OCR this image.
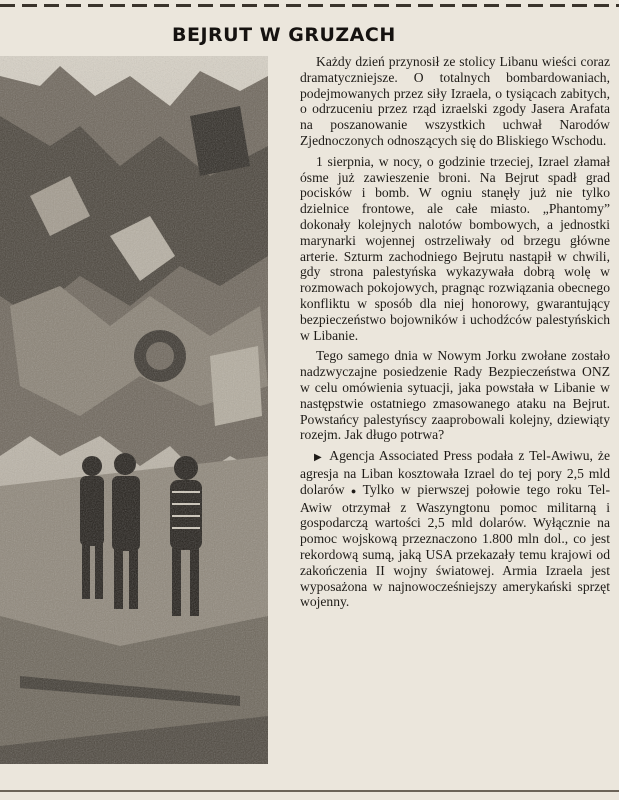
BEJRUT W GRUZACH

Każdy dzień przynosił ze stolicy Libanu wieści coraz dramatyczniejsze. O totalnych bombardowaniach, podejmowanych przez siły Izraela, o tysiącach zabitych, o odrzuceniu przez rząd izraelski zgody Jasera Arafata na poszanowanie wszystkich uchwał Narodów Zjednoczonych odnoszących się do Bliskiego Wschodu.

1 sierpnia, w nocy, o godzinie trzeciej, Izrael złamał ósme już zawieszenie broni. Na Bejrut spadł grad pocisków i bomb. W ogniu stanęły już nie tylko dzielnice frontowe, ale całe miasto. „Phantomy” dokonały kolejnych nalotów bombowych, a jednostki marynarki wojennej ostrzeliwały od brzegu główne arterie. Szturm zachodniego Bejrutu nastąpił w chwili, gdy strona palestyńska wykazywała dobrą wolę w rozmowach pokojowych, pragnąc rozwiązania obecnego konfliktu w sposób dla niej honorowy, gwarantujący bezpieczeństwo bojowników i uchodźców palestyńskich w Libanie.

Tego samego dnia w Nowym Jorku zwołane zostało nadzwyczajne posiedzenie Rady Bezpieczeństwa ONZ w celu omówienia sytuacji, jaka powstała w Libanie w następstwie ostatniego zmasowanego ataku na Bejrut. Powstańcy palestyńscy zaaprobowali kolejny, dziewiąty rozejm. Jak długo potrwa?

▶ Agencja Associated Press podała z Tel-Awiwu, że agresja na Liban kosztowała Izrael do tej pory 2,5 mld dolarów ● Tylko w pierwszej połowie tego roku Tel-Awiw otrzymał z Waszyngtonu pomoc militarną i gospodarczą wartości 2,5 mld dolarów. Wyłącznie na pomoc wojskową przeznaczono 1.800 mln dol., co jest rekordową sumą, jaką USA przekazały temu krajowi od zakończenia II wojny światowej. Armia Izraela jest wyposażona w najnowocześniejszy amerykański sprzęt wojenny.
